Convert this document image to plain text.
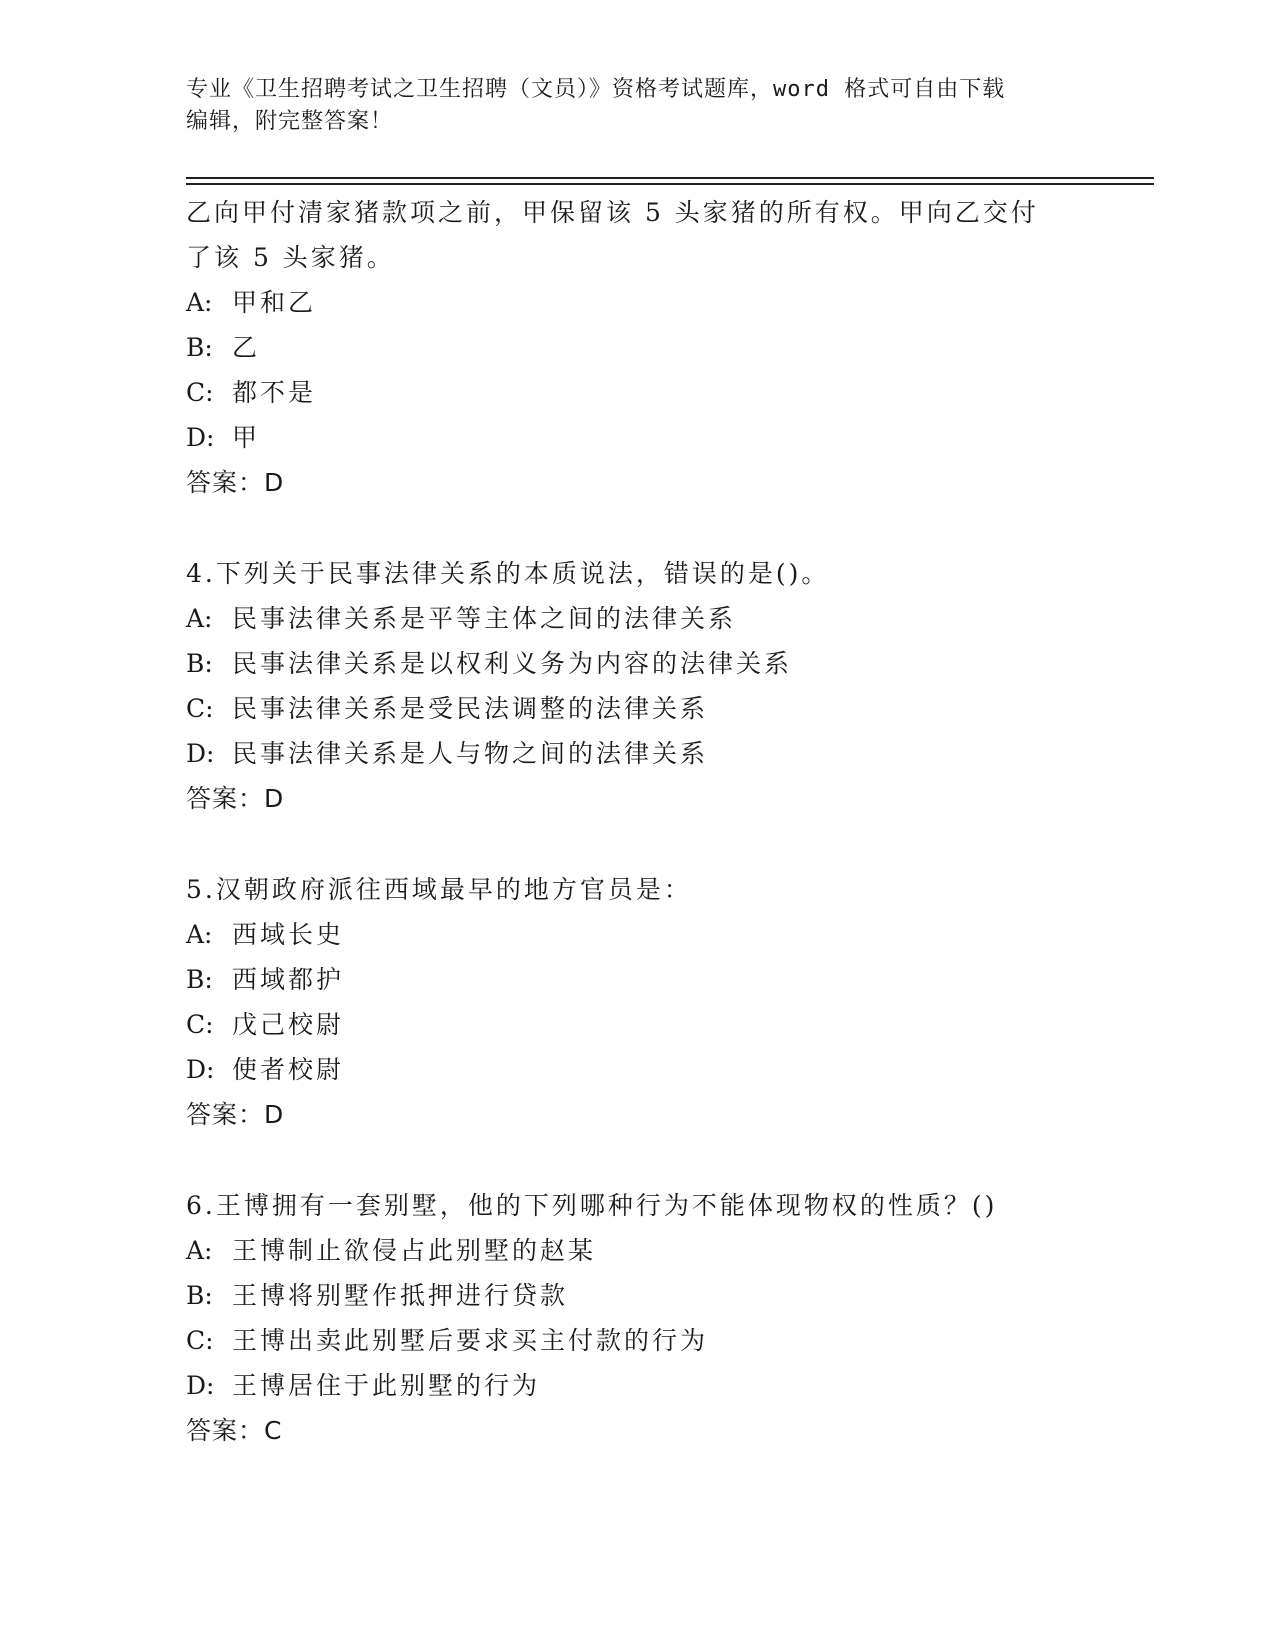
专业《卫生招聘考试之卫生招聘（文员）》资格考试题库，word 格式可自由下载
编辑，附完整答案！
乙向甲付清家猪款项之前，甲保留该 5 头家猪的所有权。甲向乙交付
了该 5 头家猪。
A: 甲和乙
B: 乙
C: 都不是
D: 甲
答案：D
4.下列关于民事法律关系的本质说法，错误的是()。
A: 民事法律关系是平等主体之间的法律关系
B: 民事法律关系是以权利义务为内容的法律关系
C: 民事法律关系是受民法调整的法律关系
D: 民事法律关系是人与物之间的法律关系
答案：D
5.汉朝政府派往西域最早的地方官员是：
A: 西域长史
B: 西域都护
C: 戊己校尉
D: 使者校尉
答案：D
6.王博拥有一套别墅，他的下列哪种行为不能体现物权的性质？()
A: 王博制止欲侵占此别墅的赵某
B: 王博将别墅作抵押进行贷款
C: 王博出卖此别墅后要求买主付款的行为
D: 王博居住于此别墅的行为
答案：C
